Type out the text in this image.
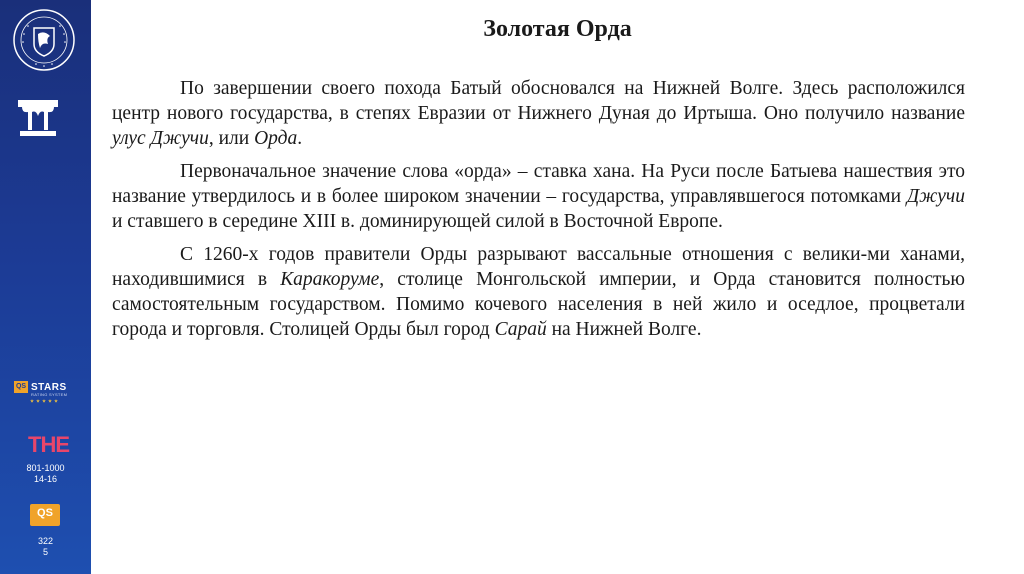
QS STARS
RATING SYSTEM
THE
801-1000
14-16
QS
322
5
Золотая Орда

По завершении своего похода Батый обосновался на Нижней Волге. Здесь расположился центр нового государства, в степях Евразии от Нижнего Дуная до Иртыша. Оно получило название улус Джучи, или Орда.

Первоначальное значение слова «орда» – ставка хана. На Руси после Батыева нашествия это название утвердилось и в более широком значении – государства, управлявшегося потомками Джучи и ставшего в середине XIII в. доминирующей силой в Восточной Европе.

С 1260-х годов правители Орды разрывают вассальные отношения с велики-ми ханами, находившимися в Каракоруме, столице Монгольской империи, и Орда становится полностью самостоятельным государством. Помимо кочевого населения в ней жило и оседлое, процветали города и торговля. Столицей Орды был город Сарай на Нижней Волге.
